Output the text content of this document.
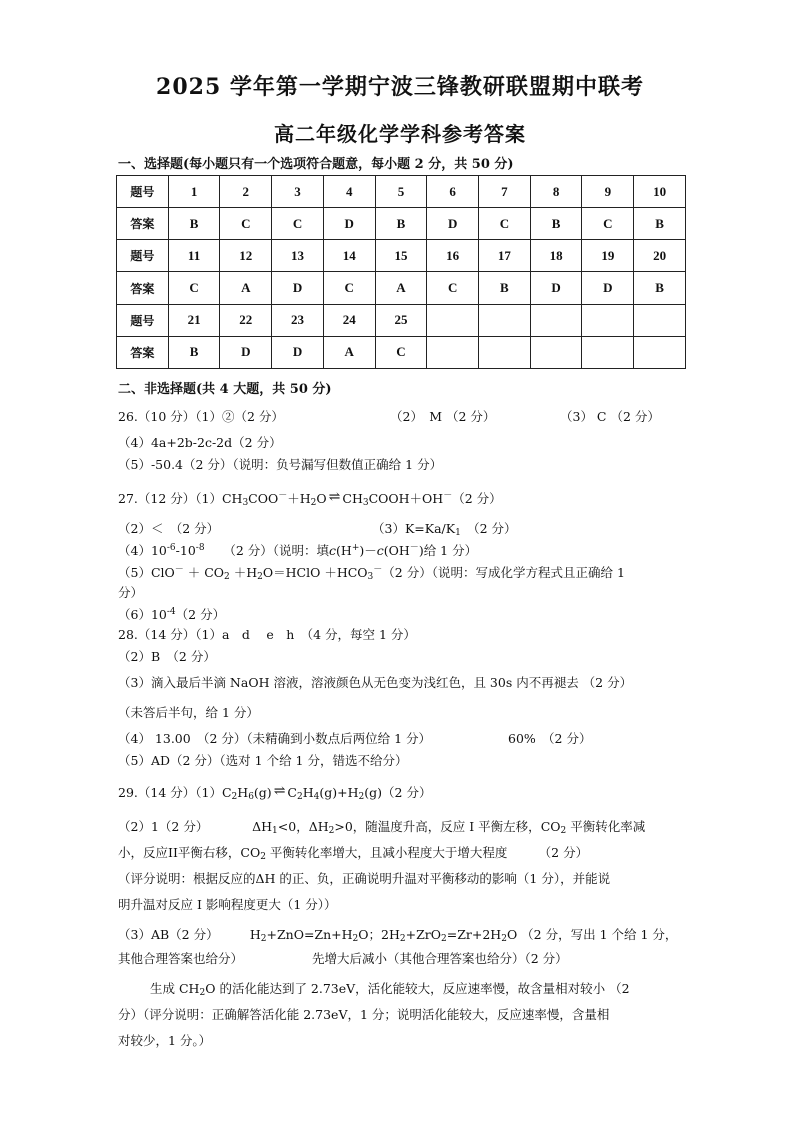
2025 学年第一学期宁波三锋教研联盟期中联考
高二年级化学学科参考答案
一、选择题(每小题只有一个选项符合题意，每小题 2 分，共 50 分)
题号	1	2	3	4	5	6	7	8	9	10
答案	B	C	C	D	B	D	C	B	C	B
题号	11	12	13	14	15	16	17	18	19	20
答案	C	A	D	C	A	C	B	D	D	B
题号	21	22	23	24	25					
答案	B	D	D	A	C					
二、非选择题(共 4 大题，共 50 分)
26.（10 分）（1）②（2 分）	（2）　M （2 分）	（3） C （2 分）
（4）4a+2b-2c-2d（2 分）
（5）-50.4（2 分）（说明：负号漏写但数值正确给 1 分）
27.（12 分）$(1)CH_3COO^-+H_2O$ ⇌ $CH_3COOH+OH^-(2$ 分）
（2）＜　（2 分）	$(3)K=Ka/K_1$　 （2 分）
$(4)10^{-6}-10^{-8}$　　（2 分）（说明：填c(H+)－c(OH－)给 1 分）
$(5)ClO^- + CO_2$ $+H_2O=HClO +HCO_3^-(2$ 分）（说明：写成化学方程式且正确给 1
分）
$(6)10^{-4}(2$ 分）
28.（14 分）（1）a　d　 e　h　（4 分，每空 1 分）
（2）B　（2 分）
（3）滴入最后半滴 NaOH 溶液，溶液颜色从无色变为浅红色，且 30s 内不再褪去 （2 分）
（未答后半句，给 1 分）
（4） 13.00　（2 分）（未精确到小数点后两位给 1 分）	60%　（2 分）
（5）AD（2 分）（选对 1 个给 1 分，错选不给分）
29.（14 分）$(1)C_2H_6(g)$ ⇌ $C_2H_4(g)+H_2(g)(2$ 分）
（2）1（2 分）　　　　$\Delta H_1<0$，$\Delta H_2>0$，随温度升高，反应 I 平衡左移，$CO_2$ 平衡转化率减
小，反应II平衡右移，$CO_2$ 平衡转化率增大，且减小程度大于增大程度　　　（2 分）
（评分说明：根据反应的ΔH 的正、负，正确说明升温对平衡移动的影响（1 分），并能说
明升温对反应 I 影响程度更大（1 分））
（3）AB（2 分）　　　$H_2+ZnO=Zn+H_2O$；$2H_2+ZrO_2=Zr+2H_2O$ （2 分，写出 1 个给 1 分，
其他合理答案也给分）	先增大后减小（其他合理答案也给分）（2 分）
生成 $CH_2O$ 的活化能达到了 2.73eV，活化能较大，反应速率慢，故含量相对较小 （2
分）（评分说明：正确解答活化能 2.73eV，1 分；说明活化能较大，反应速率慢，含量相
对较少，1 分。）
